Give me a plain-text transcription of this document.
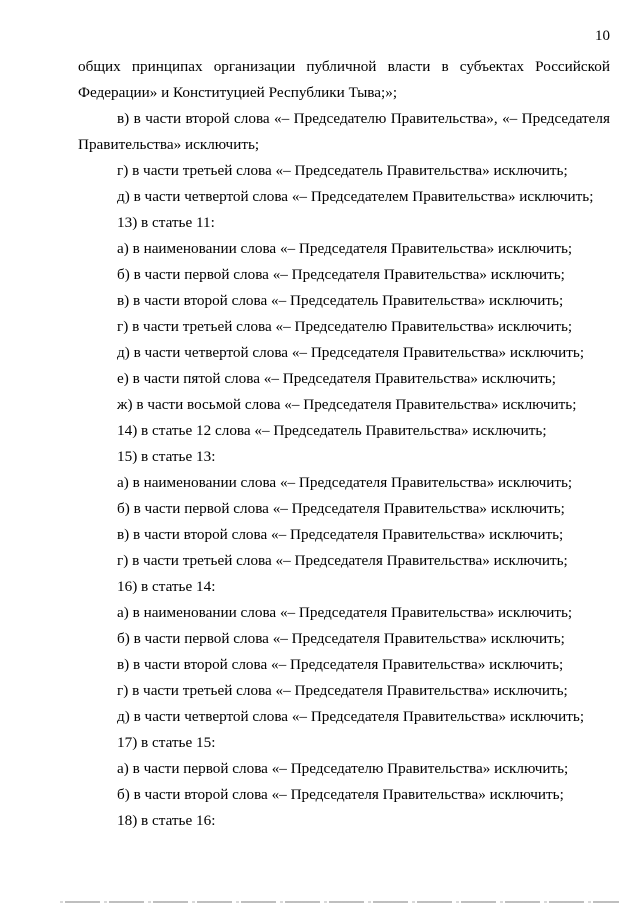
10

общих принципах организации публичной власти в субъектах Российской Федерации» и Конституцией Республики Тыва;»;

в) в части второй слова «– Председателю Правительства», «– Председателя Правительства» исключить;

г) в части третьей слова «– Председатель Правительства» исключить;

д) в части четвертой слова «– Председателем Правительства» исключить;

13) в статье 11:

а) в наименовании слова «– Председателя Правительства» исключить;

б) в части первой слова «– Председателя Правительства» исключить;

в) в части второй слова «– Председатель Правительства» исключить;

г) в части третьей слова «– Председателю Правительства» исключить;

д) в части четвертой слова «– Председателя Правительства» исключить;

е) в части пятой слова «– Председателя Правительства» исключить;

ж) в части восьмой слова «– Председателя Правительства» исключить;

14) в статье 12 слова «– Председатель Правительства» исключить;

15) в статье 13:

а) в наименовании слова «– Председателя Правительства» исключить;

б) в части первой слова «– Председателя Правительства» исключить;

в) в части второй слова «– Председателя Правительства» исключить;

г) в части третьей слова «– Председателя Правительства» исключить;

16) в статье 14:

а) в наименовании слова «– Председателя Правительства» исключить;

б) в части первой слова «– Председателя Правительства» исключить;

в) в части второй слова «– Председателя Правительства» исключить;

г) в части третьей слова «– Председателя Правительства» исключить;

д) в части четвертой слова «– Председателя Правительства» исключить;

17) в статье 15:

а) в части первой слова «– Председателю Правительства» исключить;

б) в части второй слова «– Председателя Правительства» исключить;

18) в статье 16:
